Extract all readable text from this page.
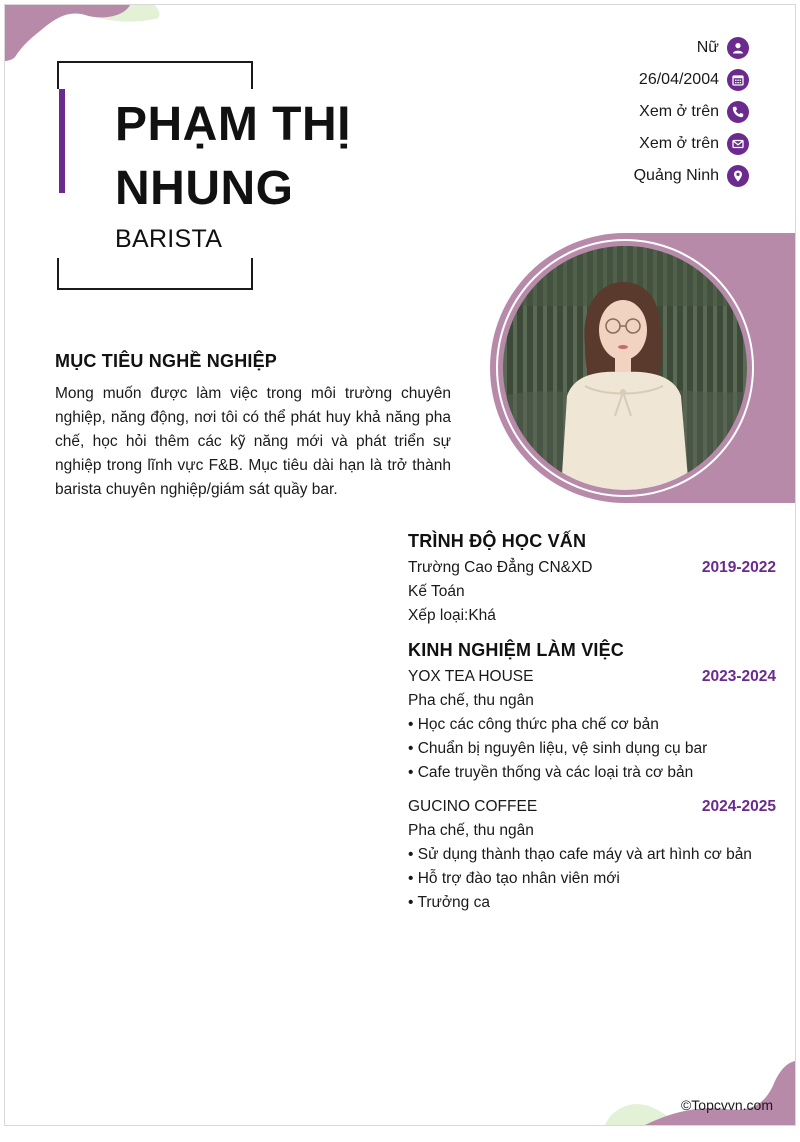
PHẠM THỊ
NHUNG
BARISTA
Nữ
26/04/2004
Xem ở trên
Xem ở trên
Quảng Ninh
MỤC TIÊU NGHỀ NGHIỆP

Mong muốn được làm việc trong môi trường chuyên nghiệp, năng động, nơi tôi có thể phát huy khả năng pha chế, học hỏi thêm các kỹ năng mới và phát triển sự nghiệp trong lĩnh vực F&B. Mục tiêu dài hạn là trở thành barista chuyên nghiệp/giám sát quầy bar.

TRÌNH ĐỘ HỌC VẤN
Trường Cao Đẳng CN&XD	2019-2022
Kế Toán
Xếp loại:Khá
KINH NGHIỆM LÀM VIỆC
YOX TEA HOUSE	2023-2024
Pha chế, thu ngân
• Học các công thức pha chế cơ bản
• Chuẩn bị nguyên liệu, vệ sinh dụng cụ bar
• Cafe truyền thống và các loại trà cơ bản
GUCINO COFFEE	2024-2025
Pha chế, thu ngân
• Sử dụng thành thạo cafe máy và art hình cơ bản
• Hỗ trợ đào tạo nhân viên mới
• Trưởng ca
©Topcvvn.com
